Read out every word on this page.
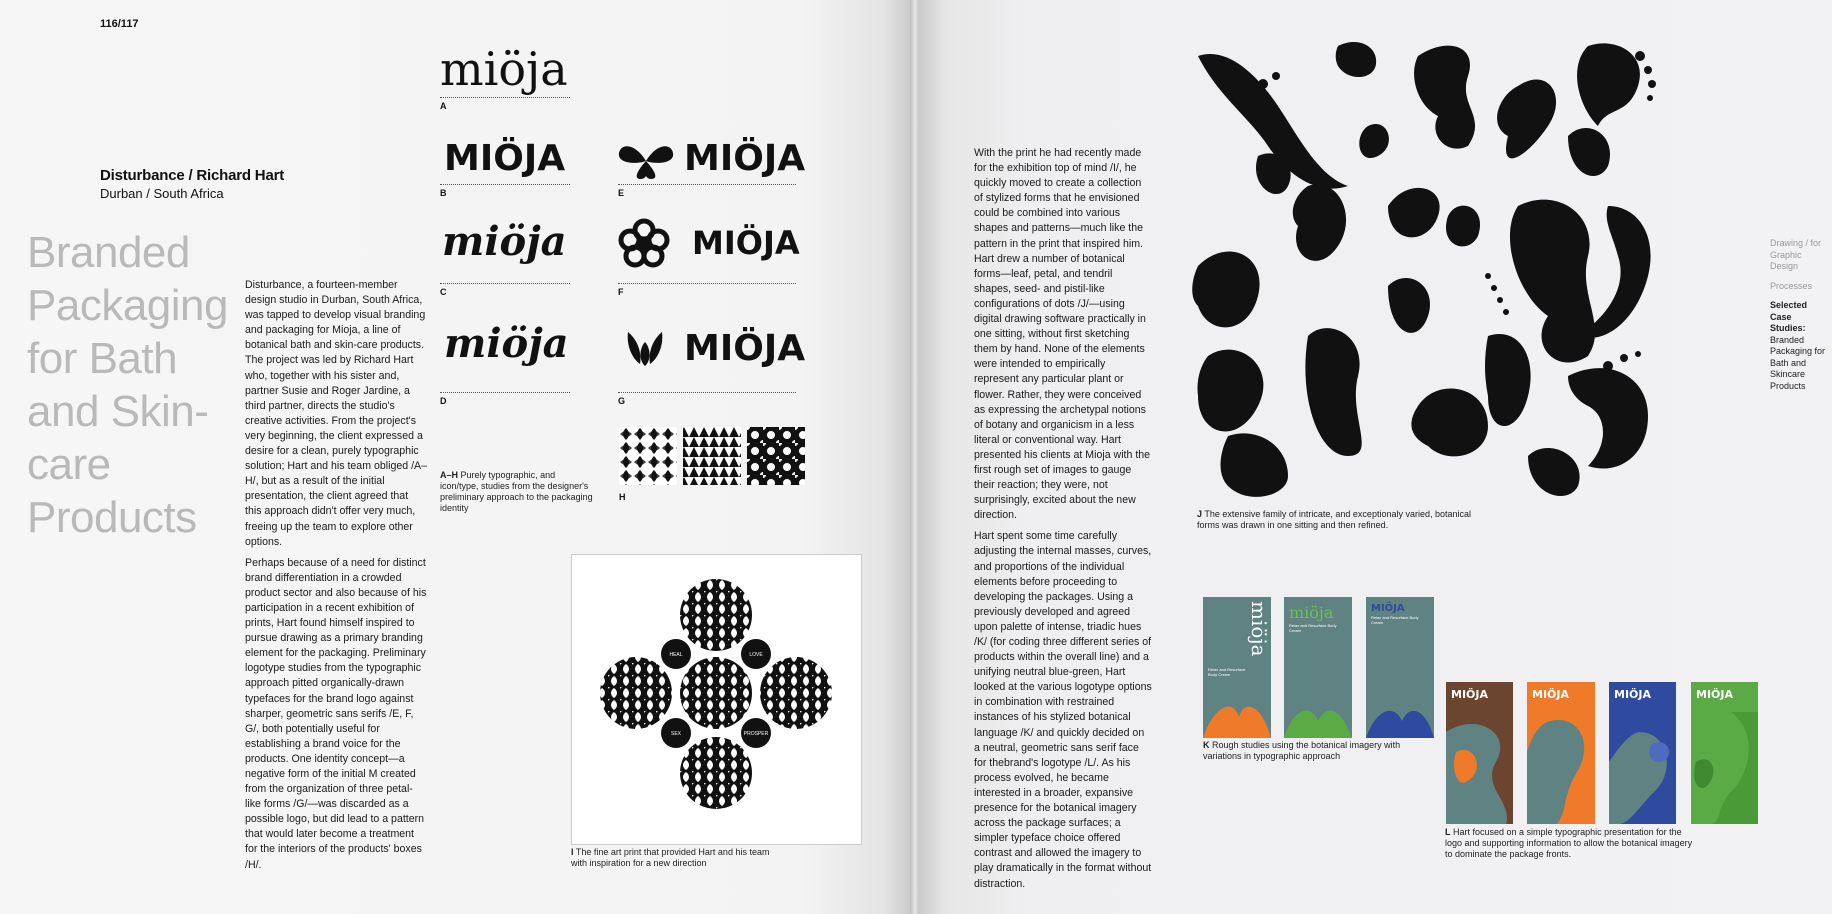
116/117
Disturbance / Richard Hart
Durban / South Africa
Branded Packaging for Bath and Skin-care Products

Disturbance, a fourteen-member design studio in Durban, South Africa, was tapped to develop visual branding and packaging for Mioja, a line of botanical bath and skin-care products. The project was led by Richard Hart who, together with his sister and, partner Susie and Roger Jardine, a third partner, directs the studio's creative activities. From the project's very beginning, the client expressed a desire for a clean, purely typographic solution; Hart and his team obliged /A–H/, but as a result of the initial presentation, the client agreed that this approach didn't offer very much, freeing up the team to explore other options.

Perhaps because of a need for distinct brand differentiation in a crowded product sector and also because of his participation in a recent exhibition of prints, Hart found himself inspired to pursue drawing as a primary branding element for the packaging. Preliminary logotype studies from the typographic approach pitted organically-drawn typefaces for the brand logo against sharper, geometric sans serifs /E, F, G/, both potentially useful for establishing a brand voice for the products. One identity concept—a negative form of the initial M created from the organization of three petal-like forms /G/—was discarded as a possible logo, but did lead to a pattern that would later become a treatment for the interiors of the products' boxes /H/.

miöja
A
MIÖJA
B
miöja
C
miöja
D
MIÖJA
E
MIÖJA
F
MIÖJA
G
H
A–H Purely typographic, and icon/type, studies from the designer's preliminary approach to the packaging identity
HEAL	LOVE
SEX	PROSPER
I The fine art print that provided Hart and his team with inspiration for a new direction

With the print he had recently made for the exhibition top of mind /I/, he quickly moved to create a collection of stylized forms that he envisioned could be combined into various shapes and patterns—much like the pattern in the print that inspired him. Hart drew a number of botanical forms—leaf, petal, and tendril shapes, seed- and pistil-like configurations of dots /J/—using digital drawing software practically in one sitting, without first sketching them by hand. None of the elements were intended to empirically represent any particular plant or flower. Rather, they were conceived as expressing the archetypal notions of botany and organicism in a less literal or conventional way. Hart presented his clients at Mioja with the first rough set of images to gauge their reaction; they were, not surprisingly, excited about the new direction.

Hart spent some time carefully adjusting the internal masses, curves, and proportions of the individual elements before proceeding to developing the packages. Using a previously developed and agreed upon palette of intense, triadic hues /K/ (for coding three different series of products within the overall line) and a unifying neutral blue-green, Hart looked at the various logotype options in combination with restrained instances of his stylized botanical language /K/ and quickly decided on a neutral, geometric sans serif face for thebrand's logotype /L/. As his process evolved, he became interested in a broader, expansive presence for the botanical imagery across the package surfaces; a simpler typeface choice offered contrast and allowed the imagery to play dramatically in the format without distraction.

J The extensive family of intricate, and exceptionaly varied, botanical forms was drawn in one sitting and then refined.
miöja
Relax and Resurface Body Cream
miöja
Relax and Resurface Body Cream
MIÖJA
Relax and Resurface Body Cream
K Rough studies using the botanical imagery with variations in typographic approach
MIÖJA	MIÖJA	MIÖJA	MIÖJA
L Hart focused on a simple typographic presentation for the logo and supporting information to allow the botanical imagery to dominate the package fronts.
Drawing / for Graphic Design
Processes
Selected Case Studies:
Branded Packaging for Bath and Skincare Products
